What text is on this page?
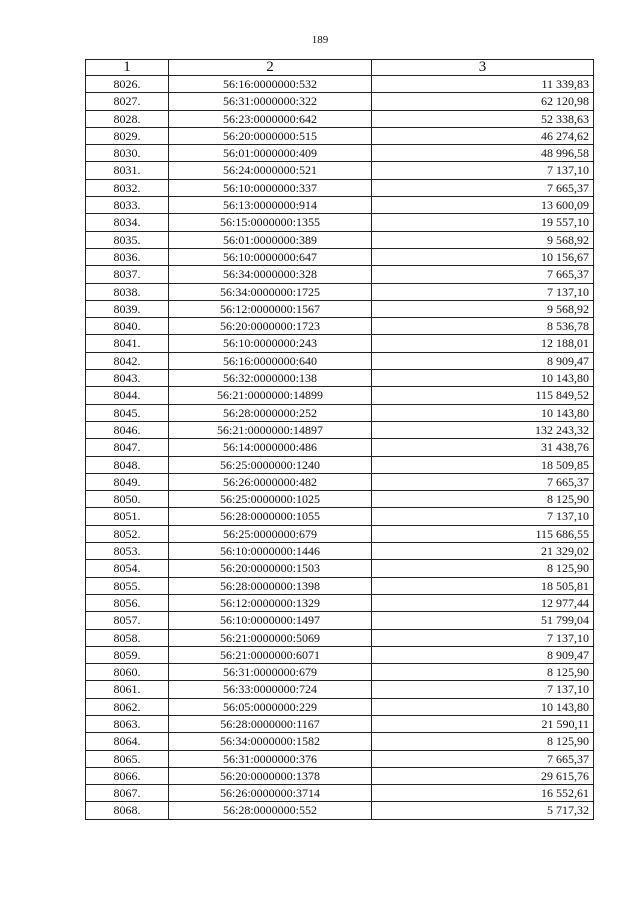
189
1	2	3
8026.	56:16:0000000:532	11 339,83
8027.	56:31:0000000:322	62 120,98
8028.	56:23:0000000:642	52 338,63
8029.	56:20:0000000:515	46 274,62
8030.	56:01:0000000:409	48 996,58
8031.	56:24:0000000:521	7 137,10
8032.	56:10:0000000:337	7 665,37
8033.	56:13:0000000:914	13 600,09
8034.	56:15:0000000:1355	19 557,10
8035.	56:01:0000000:389	9 568,92
8036.	56:10:0000000:647	10 156,67
8037.	56:34:0000000:328	7 665,37
8038.	56:34:0000000:1725	7 137,10
8039.	56:12:0000000:1567	9 568,92
8040.	56:20:0000000:1723	8 536,78
8041.	56:10:0000000:243	12 188,01
8042.	56:16:0000000:640	8 909,47
8043.	56:32:0000000:138	10 143,80
8044.	56:21:0000000:14899	115 849,52
8045.	56:28:0000000:252	10 143,80
8046.	56:21:0000000:14897	132 243,32
8047.	56:14:0000000:486	31 438,76
8048.	56:25:0000000:1240	18 509,85
8049.	56:26:0000000:482	7 665,37
8050.	56:25:0000000:1025	8 125,90
8051.	56:28:0000000:1055	7 137,10
8052.	56:25:0000000:679	115 686,55
8053.	56:10:0000000:1446	21 329,02
8054.	56:20:0000000:1503	8 125,90
8055.	56:28:0000000:1398	18 505,81
8056.	56:12:0000000:1329	12 977,44
8057.	56:10:0000000:1497	51 799,04
8058.	56:21:0000000:5069	7 137,10
8059.	56:21:0000000:6071	8 909,47
8060.	56:31:0000000:679	8 125,90
8061.	56:33:0000000:724	7 137,10
8062.	56:05:0000000:229	10 143,80
8063.	56:28:0000000:1167	21 590,11
8064.	56:34:0000000:1582	8 125,90
8065.	56:31:0000000:376	7 665,37
8066.	56:20:0000000:1378	29 615,76
8067.	56:26:0000000:3714	16 552,61
8068.	56:28:0000000:552	5 717,32
